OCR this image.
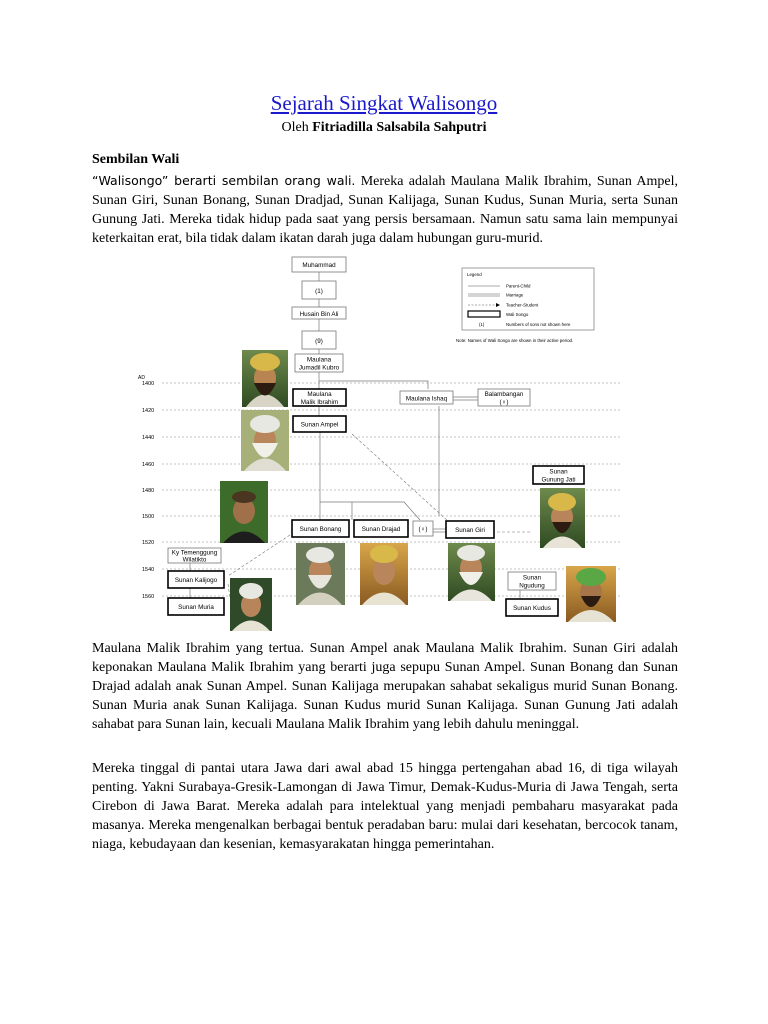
Sejarah Singkat Walisongo
Oleh Fitriadilla Salsabila Sahputri
Sembilan Wali

“Walisongo” berarti sembilan orang wali. Mereka adalah Maulana Malik Ibrahim, Sunan Ampel, Sunan Giri, Sunan Bonang, Sunan Dradjad, Sunan Kalijaga, Sunan Kudus, Sunan Muria, serta Sunan Gunung Jati. Mereka tidak hidup pada saat yang persis bersamaan. Namun satu sama lain mempunyai keterkaitan erat, bila tidak dalam ikatan darah juga dalam hubungan guru-murid.

AD
1400
1420
1440
1460
1480
1500
1520
1540
1560
Muhammad
(1)
Husain Bin Ali
(9)
Maulana
Jumadil Kubro
Maulana
Malik Ibrahim	Maulana Ishaq
Balambangan
(♀)
Sunan Ampel
Sunan
Gunung Jati
Sunan Bonang	Sunan Drajad	(♀)	Sunan Giri
Ky Temenggung
Wilatikto
Sunan Kalijogo	Sunan
Ngudung
Sunan Muria	Sunan Kudus
Legend
Parent-Child
Marriage
Teacher-Student
Wali Songo
(1)	Numbers of sons not shown here
Note: Names of Wali Songo are shown in their active period.

Maulana Malik Ibrahim yang tertua. Sunan Ampel anak Maulana Malik Ibrahim. Sunan Giri adalah keponakan Maulana Malik Ibrahim yang berarti juga sepupu Sunan Ampel. Sunan Bonang dan Sunan Drajad adalah anak Sunan Ampel. Sunan Kalijaga merupakan sahabat sekaligus murid Sunan Bonang. Sunan Muria anak Sunan Kalijaga. Sunan Kudus murid Sunan Kalijaga. Sunan Gunung Jati adalah sahabat para Sunan lain, kecuali Maulana Malik Ibrahim yang lebih dahulu meninggal.

Mereka tinggal di pantai utara Jawa dari awal abad 15 hingga pertengahan abad 16, di tiga wilayah penting. Yakni Surabaya-Gresik-Lamongan di Jawa Timur, Demak-Kudus-Muria di Jawa Tengah, serta Cirebon di Jawa Barat. Mereka adalah para intelektual yang menjadi pembaharu masyarakat pada masanya. Mereka mengenalkan berbagai bentuk peradaban baru: mulai dari kesehatan, bercocok tanam, niaga, kebudayaan dan kesenian, kemasyarakatan hingga pemerintahan.
